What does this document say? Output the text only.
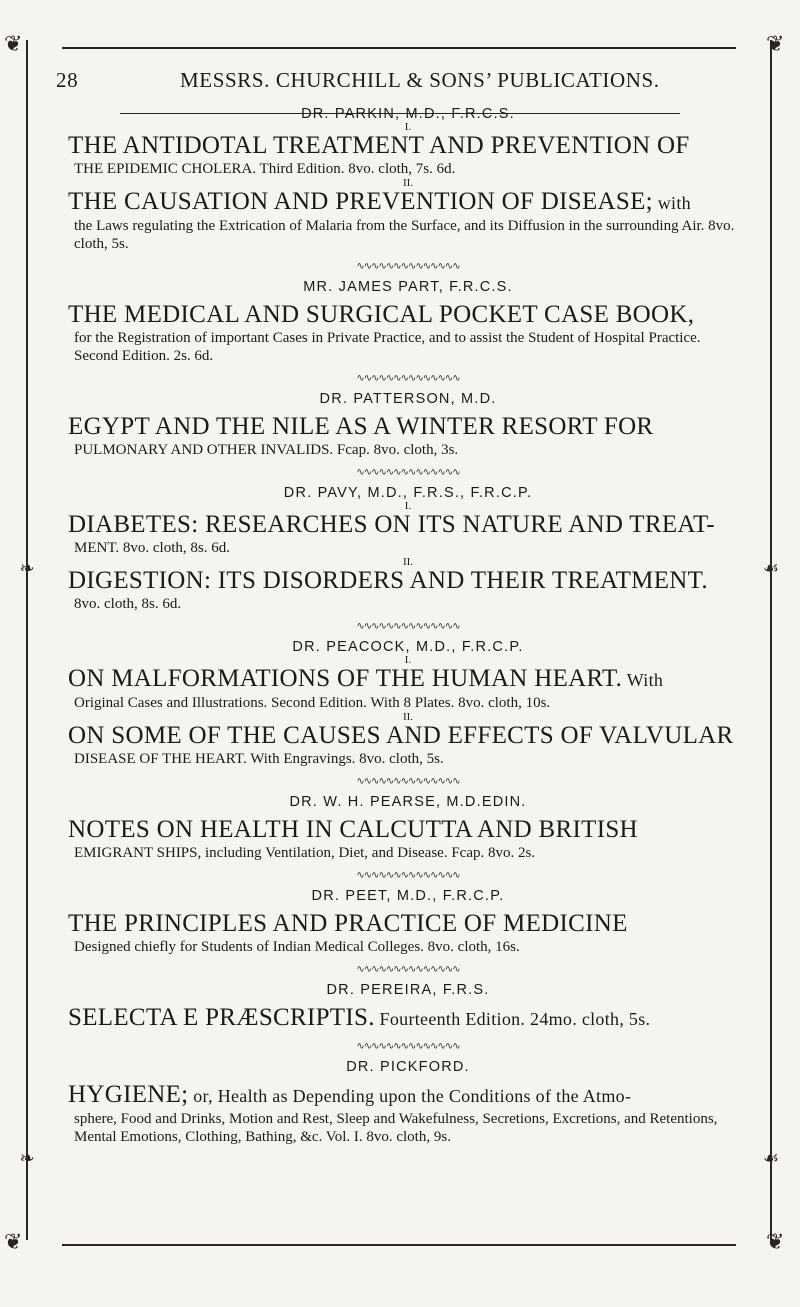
❦	❦
❦	❦
❧	☙
❧	☙
28	MESSRS. CHURCHILL & SONS’ PUBLICATIONS.

DR. PARKIN, M.D., F.R.C.S.

I.

THE ANTIDOTAL TREATMENT AND PREVENTION OF

THE EPIDEMIC CHOLERA. Third Edition. 8vo. cloth, 7s. 6d.

II.

THE CAUSATION AND PREVENTION OF DISEASE; with

the Laws regulating the Extrication of Malaria from the Surface, and its Diffusion in the surrounding Air. 8vo. cloth, 5s.

∿∿∿∿∿∿∿∿∿∿∿∿∿∿

MR. JAMES PART, F.R.C.S.

THE MEDICAL AND SURGICAL POCKET CASE BOOK,

for the Registration of important Cases in Private Practice, and to assist the Student of Hospital Practice. Second Edition. 2s. 6d.

∿∿∿∿∿∿∿∿∿∿∿∿∿∿

DR. PATTERSON, M.D.

EGYPT AND THE NILE AS A WINTER RESORT FOR

PULMONARY AND OTHER INVALIDS. Fcap. 8vo. cloth, 3s.

∿∿∿∿∿∿∿∿∿∿∿∿∿∿

DR. PAVY, M.D., F.R.S., F.R.C.P.

I.

DIABETES: RESEARCHES ON ITS NATURE AND TREAT-

MENT. 8vo. cloth, 8s. 6d.

II.

DIGESTION: ITS DISORDERS AND THEIR TREATMENT.

8vo. cloth, 8s. 6d.

∿∿∿∿∿∿∿∿∿∿∿∿∿∿

DR. PEACOCK, M.D., F.R.C.P.

I.

ON MALFORMATIONS OF THE HUMAN HEART. With

Original Cases and Illustrations. Second Edition. With 8 Plates. 8vo. cloth, 10s.

II.

ON SOME OF THE CAUSES AND EFFECTS OF VALVULAR

DISEASE OF THE HEART. With Engravings. 8vo. cloth, 5s.

∿∿∿∿∿∿∿∿∿∿∿∿∿∿

DR. W. H. PEARSE, M.D.EDIN.

NOTES ON HEALTH IN CALCUTTA AND BRITISH

EMIGRANT SHIPS, including Ventilation, Diet, and Disease. Fcap. 8vo. 2s.

∿∿∿∿∿∿∿∿∿∿∿∿∿∿

DR. PEET, M.D., F.R.C.P.

THE PRINCIPLES AND PRACTICE OF MEDICINE

Designed chiefly for Students of Indian Medical Colleges. 8vo. cloth, 16s.

∿∿∿∿∿∿∿∿∿∿∿∿∿∿

DR. PEREIRA, F.R.S.

SELECTA E PRÆSCRIPTIS. Fourteenth Edition. 24mo. cloth, 5s.

∿∿∿∿∿∿∿∿∿∿∿∿∿∿

DR. PICKFORD.

HYGIENE; or, Health as Depending upon the Conditions of the Atmo-

sphere, Food and Drinks, Motion and Rest, Sleep and Wakefulness, Secretions, Excretions, and Retentions, Mental Emotions, Clothing, Bathing, &c. Vol. I. 8vo. cloth, 9s.
